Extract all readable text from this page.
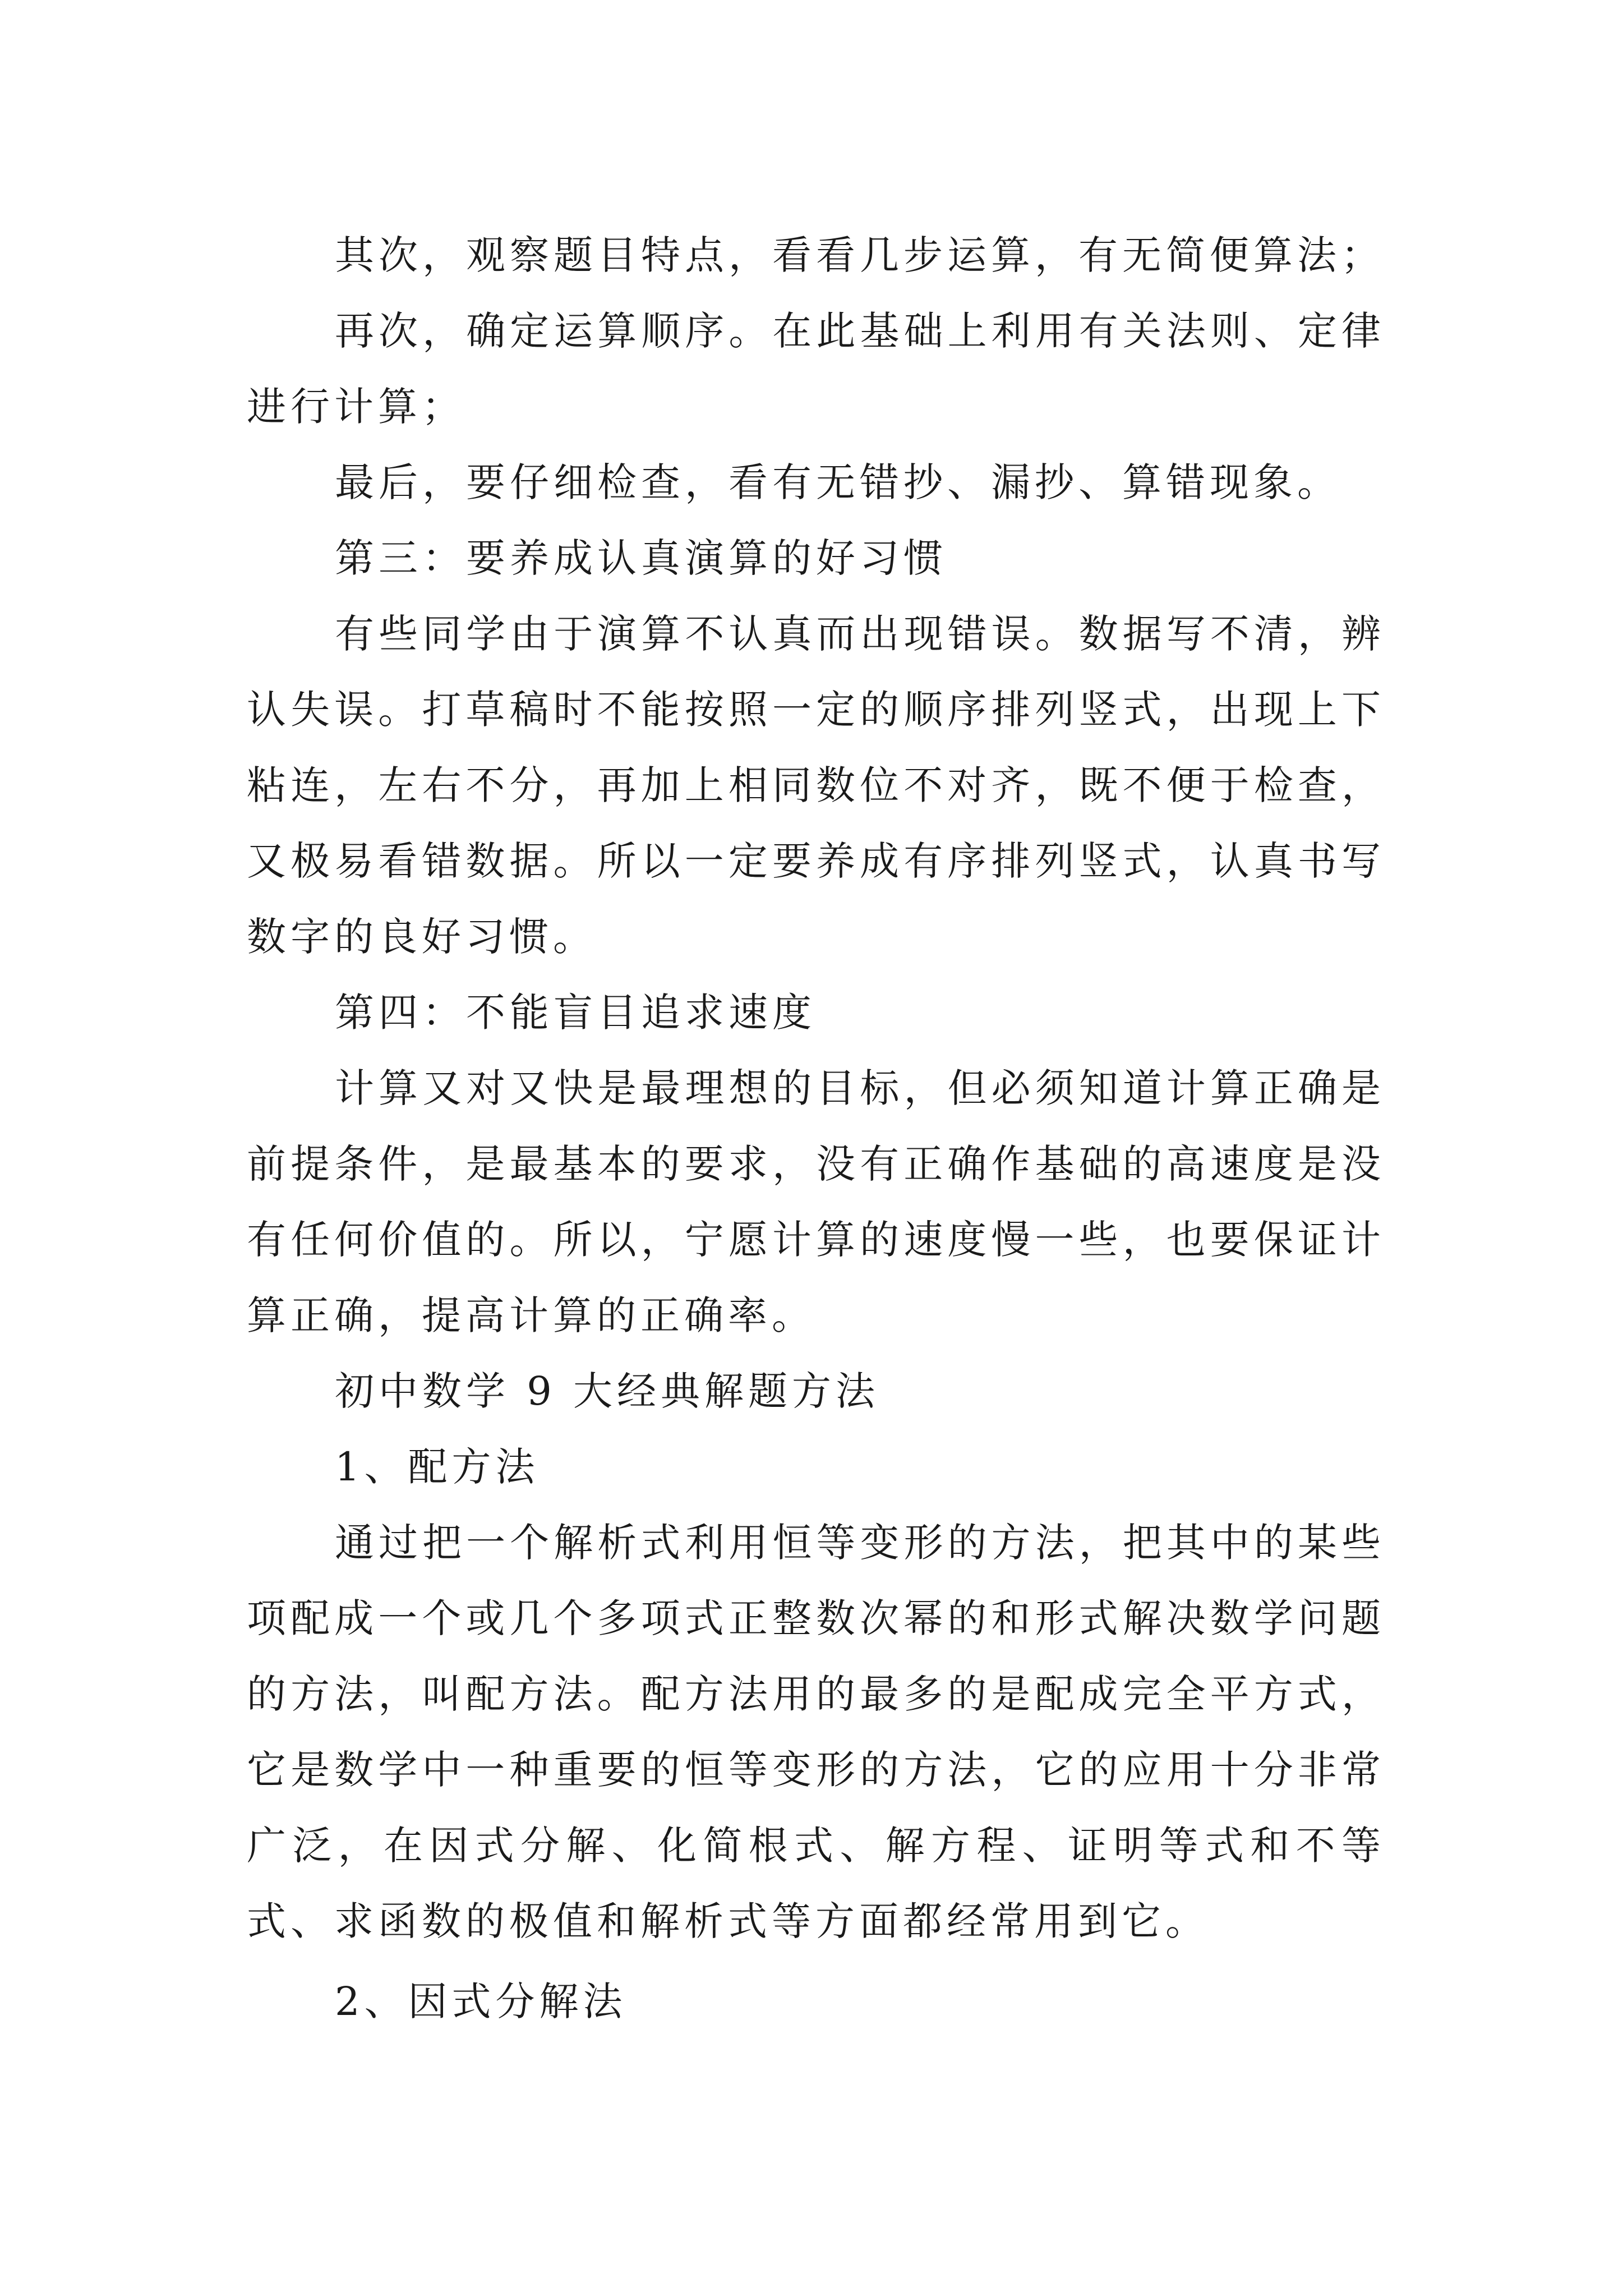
其次，观察题目特点，看看几步运算，有无简便算法；

再次，确定运算顺序。在此基础上利用有关法则、定律进行计算；

最后，要仔细检查，看有无错抄、漏抄、算错现象。

第三：要养成认真演算的好习惯

有些同学由于演算不认真而出现错误。数据写不清，辨认失误。打草稿时不能按照一定的顺序排列竖式，出现上下粘连，左右不分，再加上相同数位不对齐，既不便于检查，又极易看错数据。所以一定要养成有序排列竖式，认真书写数字的良好习惯。

第四：不能盲目追求速度

计算又对又快是最理想的目标，但必须知道计算正确是前提条件，是最基本的要求，没有正确作基础的高速度是没有任何价值的。所以，宁愿计算的速度慢一些，也要保证计算正确，提高计算的正确率。

初中数学 9 大经典解题方法

1、配方法

通过把一个解析式利用恒等变形的方法，把其中的某些项配成一个或几个多项式正整数次幂的和形式解决数学问题的方法，叫配方法。配方法用的最多的是配成完全平方式，它是数学中一种重要的恒等变形的方法，它的应用十分非常广泛，在因式分解、化简根式、解方程、证明等式和不等式、求函数的极值和解析式等方面都经常用到它。

2、因式分解法
